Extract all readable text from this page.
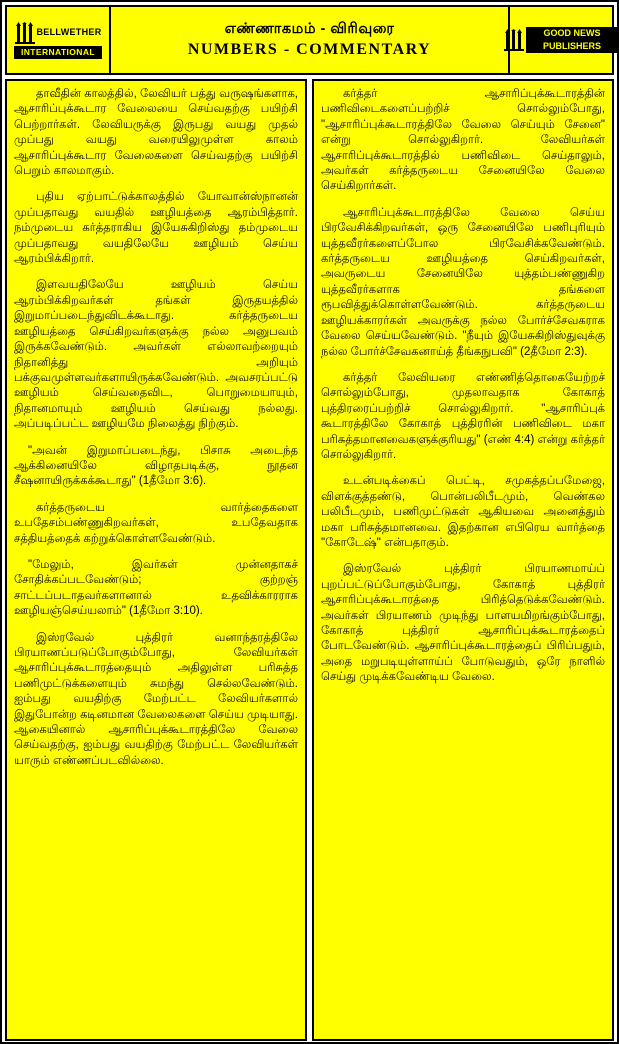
BELLWETHER
INTERNATIONAL
எண்ணாகமம் - விரிவுரை
NUMBERS - COMMENTARY
GOOD NEWS
PUBLISHERS

தாவீதின் காலத்தில், லேவியர் பத்து வருஷங்களாக, ஆசாரிப்புக்கூடார வேலையை செய்வதற்கு பயிற்சி பெற்றார்கள். லேவியருக்கு இருபது வயது முதல் முப்பது வயது வரையிலுமுள்ள காலம் ஆசாரிப்புக்கூடார வேலைகளை செய்வதற்கு பயிற்சி பெறும் காலமாகும்.

புதிய ஏற்பாட்டுக்காலத்தில் யோவான்ஸ்நானன் முப்பதாவது வயதில் ஊழியத்தை ஆரம்பித்தார். நம்முடைய கர்த்தராகிய இயேசுகிறிஸ்து தம்முடைய முப்பதாவது வயதிலேயே ஊழியம் செய்ய ஆரம்பிக்கிறார்.

இளவயதிலேயே ஊழியம் செய்ய ஆரம்பிக்கிறவர்கள் தங்கள் இருதயத்தில் இறுமாப்படைந்துவிடக்கூடாது. கர்த்தருடைய ஊழியத்தை செய்கிறவர்களுக்கு நல்ல அனுபவம் இருக்கவேண்டும். அவர்கள் எல்லாவற்றையும் நிதானித்து அறியும் பக்குவமுள்ளவர்களாயிருக்கவேண்டும். அவசரப்பட்டு ஊழியம் செய்வதைவிட, பொறுமையாயும், நிதானமாயும் ஊழியம் செய்வது நல்லது. அப்படிப்பட்ட ஊழியமே நிலைத்து நிற்கும்.

"அவன் இறுமாப்படைந்து, பிசாசு அடைந்த ஆக்கினையிலே விழாதபடிக்கு, நூதன சீஷனாயிருக்கக்கூடாது" (1தீமோ 3:6).

கர்த்தருடைய வார்த்தைகளை உபதேசம்பண்ணுகிறவர்கள், உபதேவதாக சத்தியத்தைக் கற்றுக்கொள்ளவேண்டும்.

"மேலும், இவர்கள் முன்னதாகச் சோதிக்கப்படவேண்டும்; குற்றஞ் சாட்டப்படாதவர்களானால் உதவிக்காரராக ஊழியஞ்செய்யலாம்" (1தீமோ 3:10).

இஸ்ரவேல் புத்திரர் வனாந்தரத்திலே பிரயாணப்படுப்போகும்போது, லேவியர்கள் ஆசாரிப்புக்கூடாரத்தையும் அதிலுள்ள பரிசுத்த பணிமுட்டுக்களையும் சுமந்து செல்லவேண்டும். ஐம்பது வயதிற்கு மேற்பட்ட லேவியர்களால் இதுபோன்ற கடினமான வேலைகளை செய்ய முடியாது. ஆகையினால் ஆசாரிப்புக்கூடாரத்திலே வேலை செய்வதற்கு, ஐம்பது வயதிற்கு மேற்பட்ட லேவியர்கள் யாரும் எண்ணப்படவில்லை.

கர்த்தர் ஆசாரிப்புக்கூடாரத்தின் பணிவிடைகளைப்பற்றிச் சொல்லும்போது, "ஆசாரிப்புக்கூடாரத்திலே வேலை செய்யும் சேனை" என்று சொல்லுகிறார். லேவியர்கள் ஆசாரிப்புக்கூடாரத்தில் பணிவிடை செய்தாலும், அவர்கள் கர்த்தருடைய சேனையிலே வேலை செய்கிறார்கள்.

ஆசாரிப்புக்கூடாரத்திலே வேலை செய்ய பிரவேசிக்கிறவர்கள், ஒரு சேனையிலே பணிபுரியும் யுத்தவீரர்களைப்போல பிரவேசிக்கவேண்டும். கர்த்தருடைய ஊழியத்தை செய்கிறவர்கள், அவருடைய சேனையிலே யுத்தம்பண்ணுகிற யுத்தவீரர்களாக தங்களை ரூபவித்துக்கொள்ளவேண்டும். கர்த்தருடைய ஊழியக்காரர்கள் அவருக்கு நல்ல போர்ச்சேவகராக வேலை செய்யவேண்டும். "நீயும் இயேசுகிறிஸ்துவுக்கு நல்ல போர்ச்சேவகனாய்த் தீங்கநுபவி" (2தீமோ 2:3).

கர்த்தர் லேவியரை எண்ணித்தொகையேற்றச் சொல்லும்போது, முதலாவதாக கோகாத் புத்திரரைப்பற்றிச் சொல்லுகிறார். "ஆசாரிப்புக் கூடாரத்திலே கோகாத் புத்திரரின் பணிவிடை மகா பரிசுத்தமானவைகளுக்குரியது" (எண் 4:4) என்று கர்த்தர் சொல்லுகிறார்.

உடன்படிக்கைப் பெட்டி, சமுகத்தப்பமேஜை, விளக்குத்தண்டு, பொன்பலிபீடமும், வெண்கல பலிபீடமும், பணிமுட்டுகள் ஆகியவை அனைத்தும் மகா பரிசுத்தமானவை. இதற்கான எபிரெய வார்த்தை "கோடேஷ்" என்பதாகும்.

இஸ்ரவேல் புத்திரர் பிரயாணமாய்ப் புறப்பட்டுப்போகும்போது, கோகாத் புத்திரர் ஆசாரிப்புக்கூடாரத்தை பிரித்தெடுக்கவேண்டும். அவர்கள் பிரயாணம் முடிந்து பாளயமிறங்கும்போது, கோகாத் புத்திரர் ஆசாரிப்புக்கூடாரத்தைப் போடவேண்டும். ஆசாரிப்புக்கூடாரத்தைப் பிரிப்பதும், அதை மறுபடியுள்ளாய்ப் போடுவதும், ஒரே நாளில் செய்து முடிக்கவேண்டிய வேலை.
